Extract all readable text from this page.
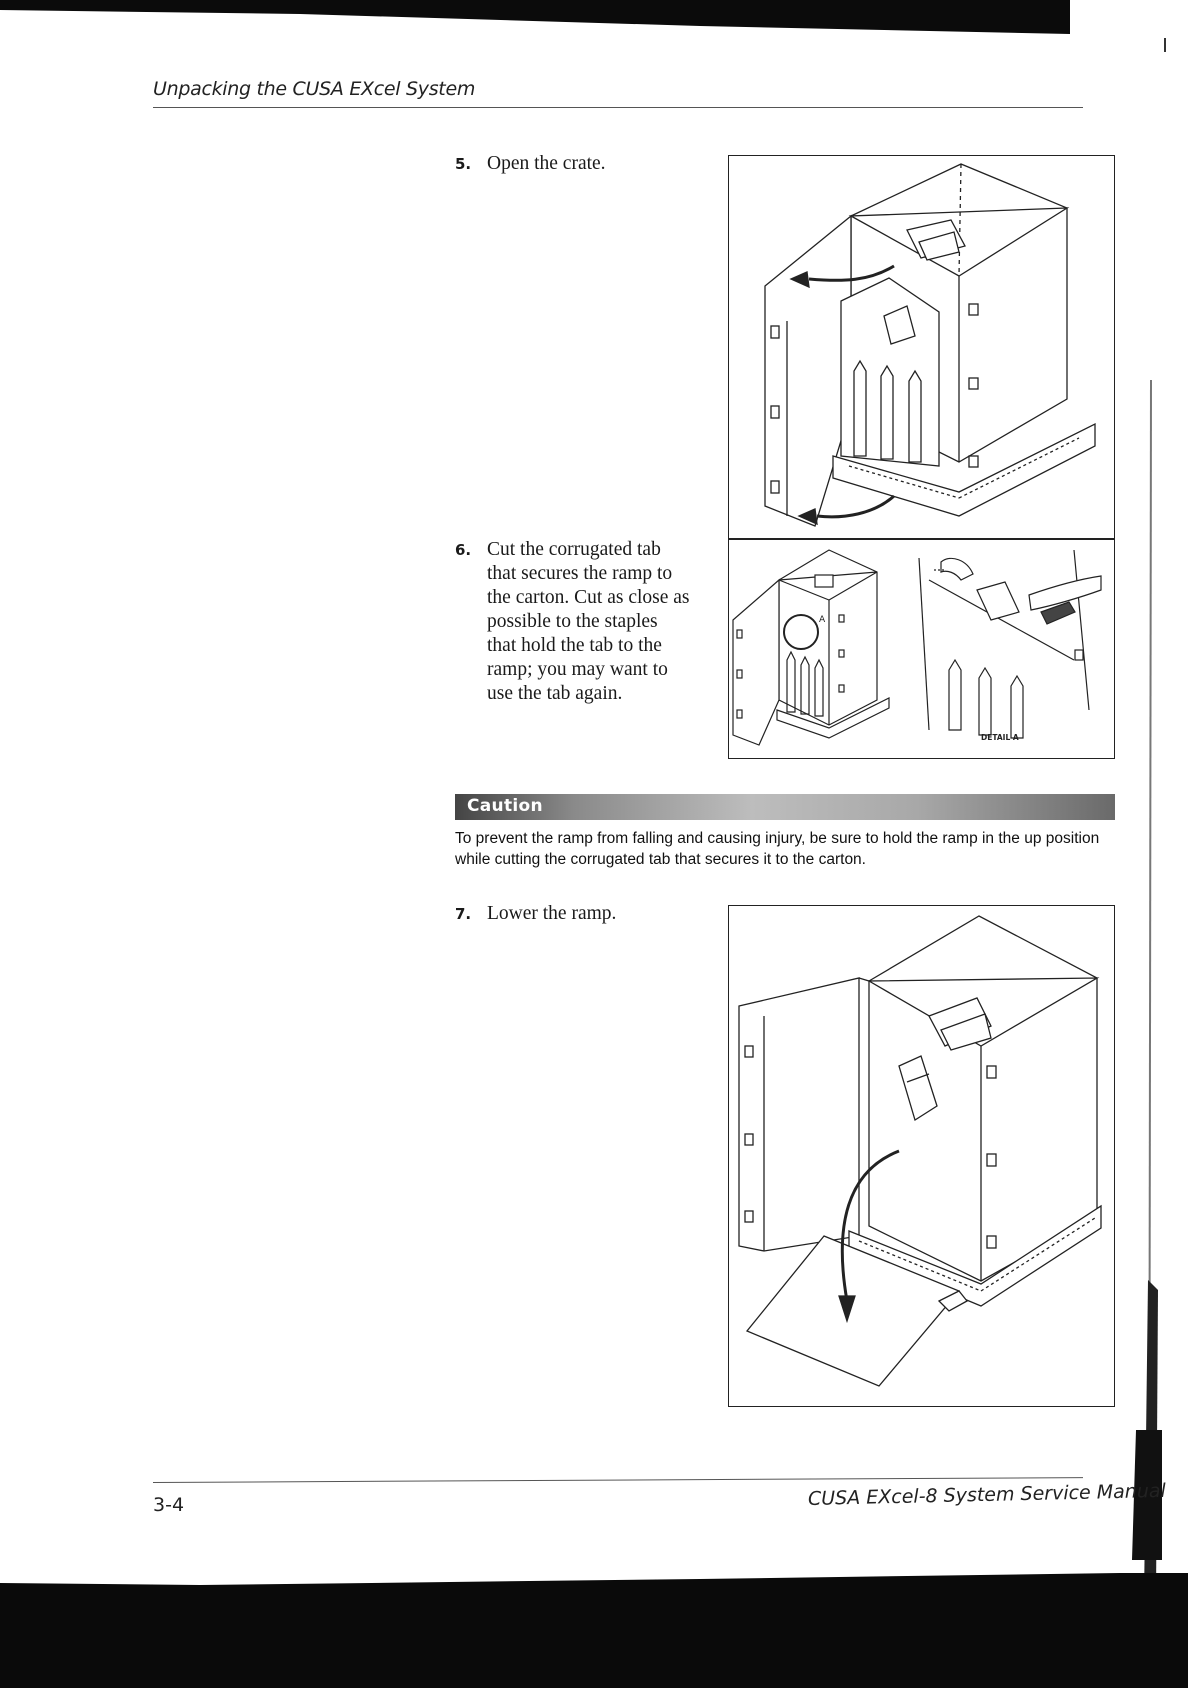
Unpacking the CUSA EXcel System
5. Open the crate.
6. Cut the corrugated tab
that secures the ramp to
the carton. Cut as close as
possible to the staples
that hold the tab to the
ramp; you may want to
use the tab again.
A
DETAIL A
Caution
To prevent the ramp from falling and causing injury, be sure to hold the ramp in the up position while cutting the corrugated tab that secures it to the carton.
7. Lower the ramp.
3-4	CUSA EXcel-8 System Service Manual
